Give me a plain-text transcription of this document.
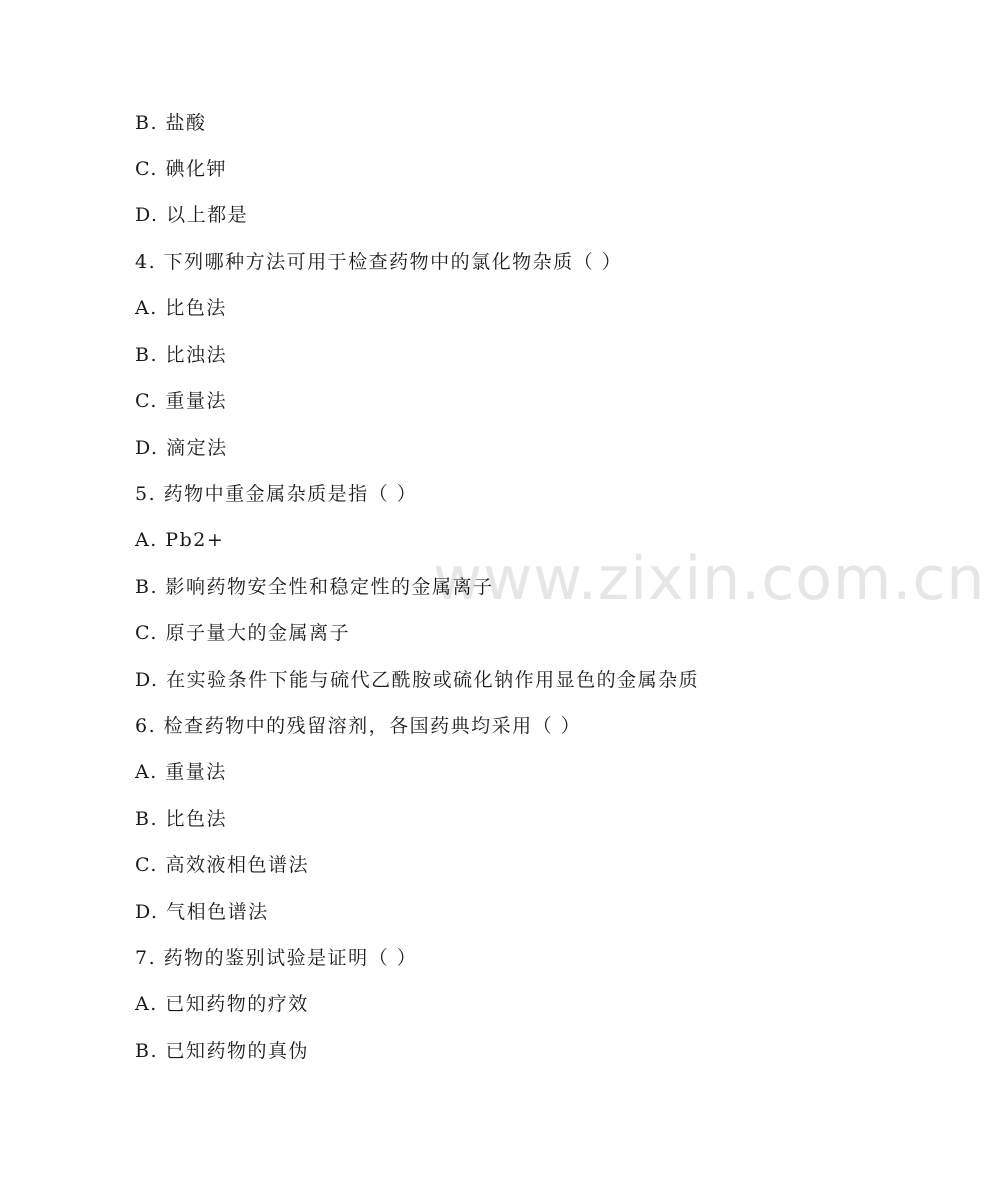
www.zixin.com.cn
B. 盐酸
C. 碘化钾
D. 以上都是
4. 下列哪种方法可用于检查药物中的氯化物杂质（ ）
A. 比色法
B. 比浊法
C. 重量法
D. 滴定法
5. 药物中重金属杂质是指（ ）
A. Pb2+
B. 影响药物安全性和稳定性的金属离子
C. 原子量大的金属离子
D. 在实验条件下能与硫代乙酰胺或硫化钠作用显色的金属杂质
6. 检查药物中的残留溶剂，各国药典均采用（ ）
A. 重量法
B. 比色法
C. 高效液相色谱法
D. 气相色谱法
7. 药物的鉴别试验是证明（ ）
A. 已知药物的疗效
B. 已知药物的真伪
